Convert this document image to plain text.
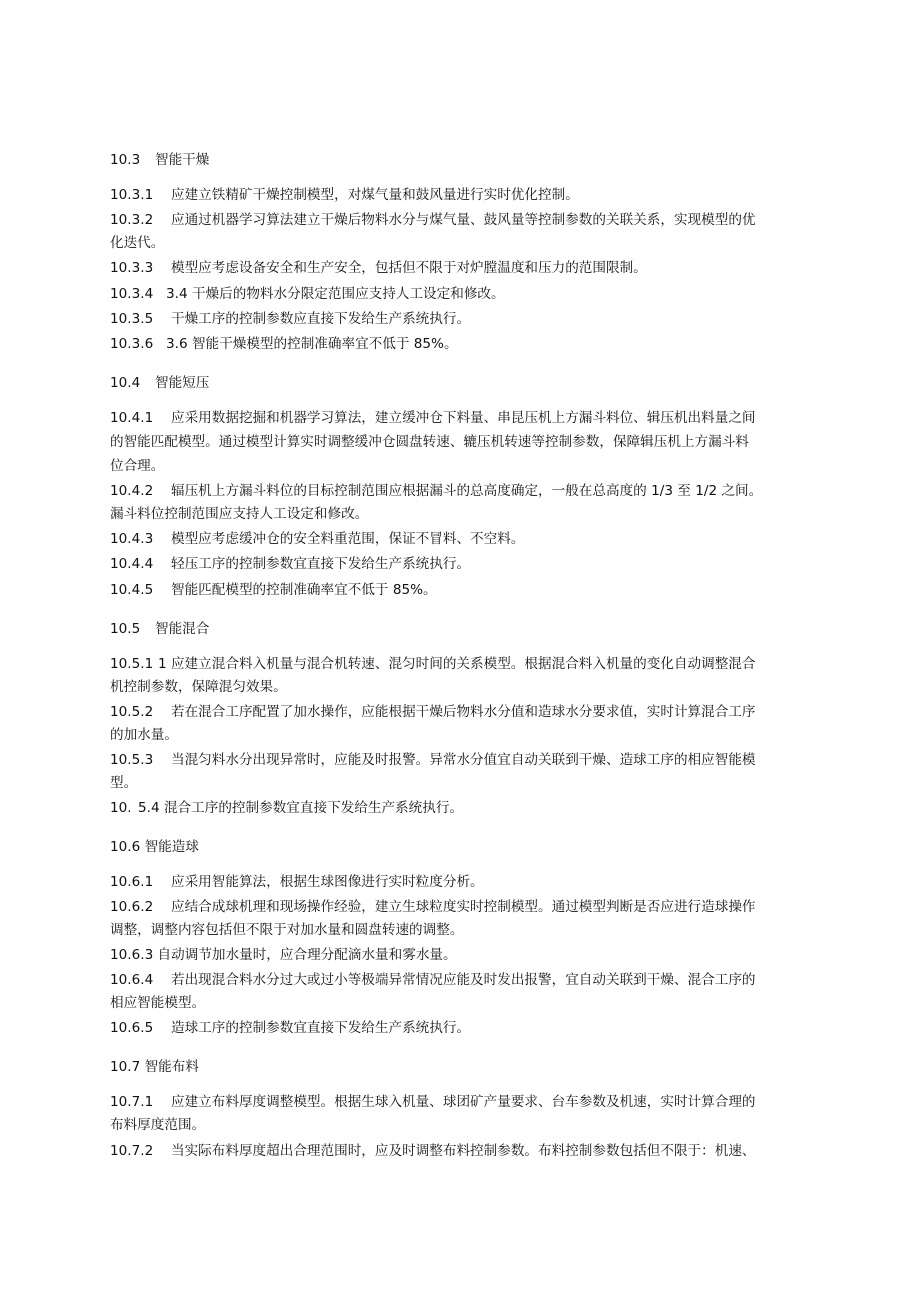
10.3 智能干燥
10.3.1 应建立铁精矿干燥控制模型，对煤气量和鼓风量进行实时优化控制。
10.3.2 应通过机器学习算法建立干燥后物料水分与煤气量、鼓风量等控制参数的关联关系，实现模型的优
化迭代。
10.3.3 模型应考虑设备安全和生产安全，包括但不限于对炉膛温度和压力的范围限制。
10.3.4 3.4 干燥后的物料水分限定范围应支持人工设定和修改。
10.3.5 干燥工序的控制参数应直接下发给生产系统执行。
10.3.6 3.6 智能干燥模型的控制准确率宜不低于 85%。
10.4 智能短压
10.4.1 应采用数据挖掘和机器学习算法，建立缓冲仓下料量、串昆压机上方漏斗料位、辑压机出料量之间
的智能匹配模型。通过模型计算实时调整缓冲仓圆盘转速、辘压机转速等控制参数，保障辑压机上方漏斗料
位合理。
10.4.2 辐压机上方漏斗料位的目标控制范围应根据漏斗的总高度确定，一般在总高度的 1/3 至 1/2 之间。
漏斗料位控制范围应支持人工设定和修改。
10.4.3 模型应考虑缓冲仓的安全料重范围，保证不冒料、不空料。
10.4.4 轻压工序的控制参数宜直接下发给生产系统执行。
10.4.5 智能匹配模型的控制准确率宜不低于 85%。
10.5 智能混合
10.5.1 1 应建立混合料入机量与混合机转速、混匀时间的关系模型。根据混合料入机量的变化自动调整混合
机控制参数，保障混匀效果。
10.5.2 若在混合工序配置了加水操作，应能根据干燥后物料水分值和造球水分要求值，实时计算混合工序
的加水量。
10.5.3 当混匀料水分出现异常时，应能及时报警。异常水分值宜自动关联到干燥、造球工序的相应智能模
型。
10. 5.4 混合工序的控制参数宜直接下发给生产系统执行。
10.6 智能造球
10.6.1 应采用智能算法，根据生球图像进行实时粒度分析。
10.6.2 应结合成球机理和现场操作经验，建立生球粒度实时控制模型。通过模型判断是否应进行造球操作
调整，调整内容包括但不限于对加水量和圆盘转速的调整。
10.6.3 自动调节加水量时，应合理分配滴水量和雾水量。
10.6.4 若出现混合料水分过大或过小等极端异常情况应能及时发出报警，宜自动关联到干燥、混合工序的
相应智能模型。
10.6.5 造球工序的控制参数宜直接下发给生产系统执行。
10.7 智能布料
10.7.1 应建立布料厚度调整模型。根据生球入机量、球团矿产量要求、台车参数及机速，实时计算合理的
布料厚度范围。
10.7.2 当实际布料厚度超出合理范围时，应及时调整布料控制参数。布料控制参数包括但不限于：机速、
